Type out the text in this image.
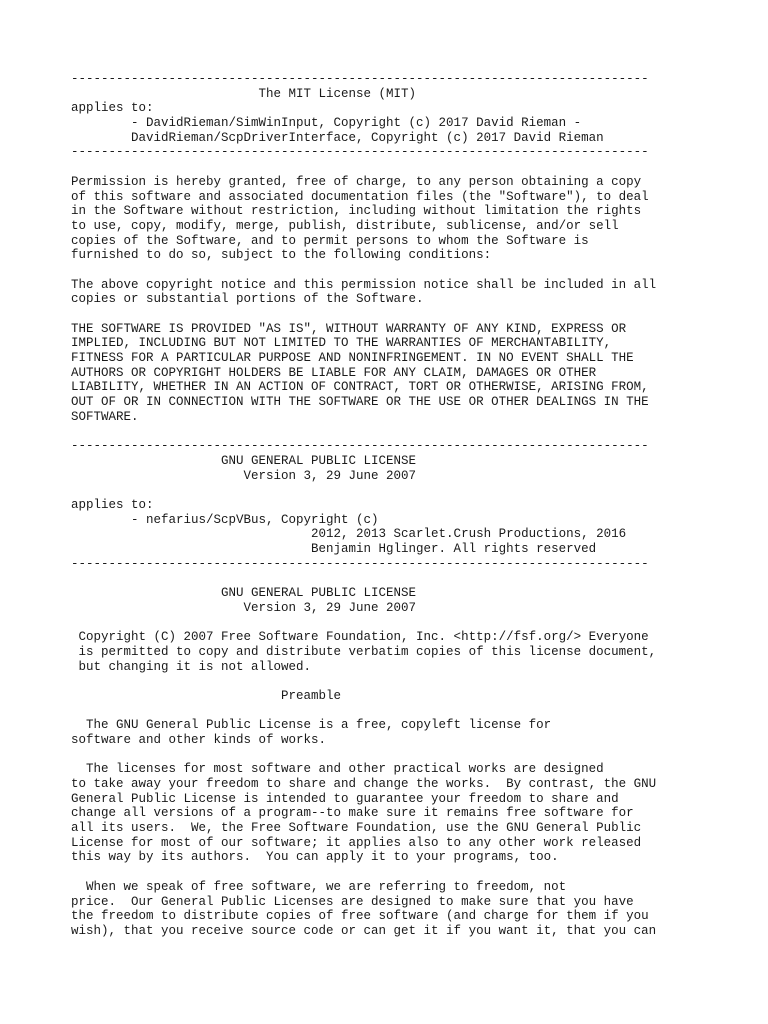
-----------------------------------------------------------------------------
The MIT License (MIT)
applies to:
- DavidRieman/SimWinInput, Copyright (c) 2017 David Rieman -
DavidRieman/ScpDriverInterface, Copyright (c) 2017 David Rieman
-----------------------------------------------------------------------------
Permission is hereby granted, free of charge, to any person obtaining a copy
of this software and associated documentation files (the "Software"), to deal
in the Software without restriction, including without limitation the rights
to use, copy, modify, merge, publish, distribute, sublicense, and/or sell
copies of the Software, and to permit persons to whom the Software is
furnished to do so, subject to the following conditions:
The above copyright notice and this permission notice shall be included in all
copies or substantial portions of the Software.
THE SOFTWARE IS PROVIDED "AS IS", WITHOUT WARRANTY OF ANY KIND, EXPRESS OR
IMPLIED, INCLUDING BUT NOT LIMITED TO THE WARRANTIES OF MERCHANTABILITY,
FITNESS FOR A PARTICULAR PURPOSE AND NONINFRINGEMENT. IN NO EVENT SHALL THE
AUTHORS OR COPYRIGHT HOLDERS BE LIABLE FOR ANY CLAIM, DAMAGES OR OTHER
LIABILITY, WHETHER IN AN ACTION OF CONTRACT, TORT OR OTHERWISE, ARISING FROM,
OUT OF OR IN CONNECTION WITH THE SOFTWARE OR THE USE OR OTHER DEALINGS IN THE
SOFTWARE.
-----------------------------------------------------------------------------
GNU GENERAL PUBLIC LICENSE
Version 3, 29 June 2007
applies to:
- nefarius/ScpVBus, Copyright (c)
2012, 2013 Scarlet.Crush Productions, 2016
Benjamin Hglinger. All rights reserved
-----------------------------------------------------------------------------
GNU GENERAL PUBLIC LICENSE
Version 3, 29 June 2007
Copyright (C) 2007 Free Software Foundation, Inc. <http://fsf.org/> Everyone
is permitted to copy and distribute verbatim copies of this license document,
but changing it is not allowed.
Preamble
The GNU General Public License is a free, copyleft license for
software and other kinds of works.
The licenses for most software and other practical works are designed
to take away your freedom to share and change the works.  By contrast, the GNU
General Public License is intended to guarantee your freedom to share and
change all versions of a program--to make sure it remains free software for
all its users.  We, the Free Software Foundation, use the GNU General Public
License for most of our software; it applies also to any other work released
this way by its authors.  You can apply it to your programs, too.
When we speak of free software, we are referring to freedom, not
price.  Our General Public Licenses are designed to make sure that you have
the freedom to distribute copies of free software (and charge for them if you
wish), that you receive source code or can get it if you want it, that you can
